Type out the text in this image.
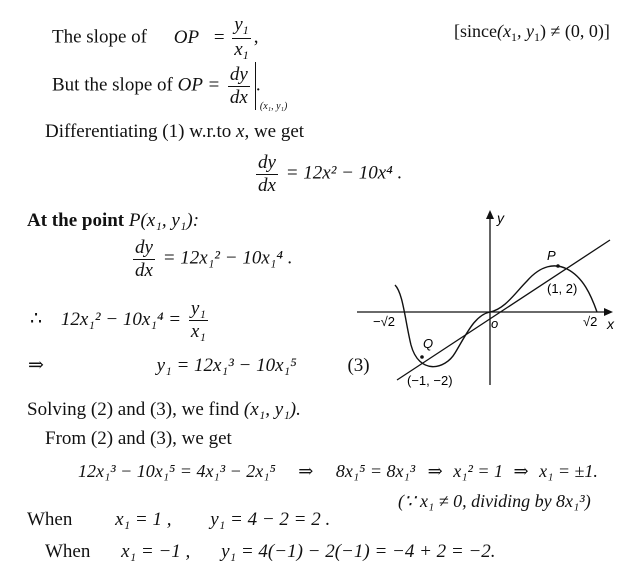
The slope of OP = $\frac{y_1}{x_1}$ ,	[$since(x_1$, $y_1) \ne (0$, 0)]
But the slope of OP = $\frac{dy}{dx} (x_1$, y₁)
.
Differentiating (1) w.r.to x, we get
$\frac{dy}{dx} = 12x^2 - 10x^4$ .
At the point P(x₁, y₁):
$\frac{dy}{dx} = 12x_1^2 - 10x_1^4$ .
∴ $12x_1^2 - 10x_1^4 = \frac{\text{y₁}}{\text{x₁}}$
⇒	y₁ = 12x₁³ − 10x₁⁵	(3)
Solving (2) and (3), we find (x₁, y₁).
From (2) and (3), we get
12x₁³ − 10x₁⁵ = 4x₁³ − 2x₁⁵ ⇒ 8x₁⁵ = 8x₁³ ⇒ x₁² = 1 ⇒ x₁ = ±1.
(∵ x₁ ≠ 0, dividing by 8x₁³)
When x₁ = 1 , y₁ = 4 − 2 = 2 .
When x₁ = −1 , y₁ = 4(−1) − 2(−1) = −4 + 2 = −2.
y
x
o
−√2	√2
P
(1, 2)
Q
(−1, −2)
